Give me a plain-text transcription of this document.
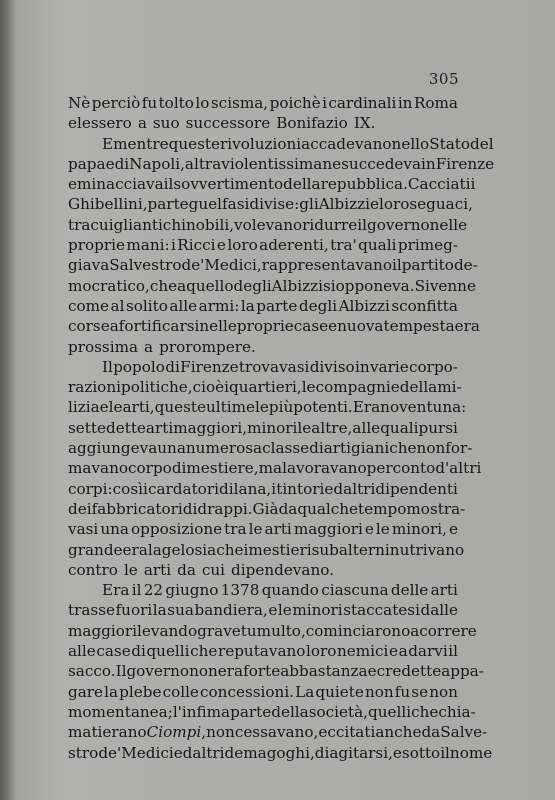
305
Nè perciò fu tolto lo scisma, poichè i cardinali in Roma
elessero a suo successore Bonifazio IX.
E mentre queste rivoluzioni accadevano nello Stato del
papa e di Napoli, altra violentissima ne succedeva in Firenze
e minacciava il sovvertimento della repubblica. Cacciati i
Ghibellini, parte guelfa si divise: gli Albizzi e loro seguaci,
tra cui gli antichi nobili, volevano ridurre il governo nelle
proprie mani: i Ricci e loro aderenti, tra' quali primeg-
giava Salvestro de' Medici, rappresentavano il partito de-
mocratico, che a quello degli Albizzi si opponeva. Si venne
come al solito alle armi: la parte degli Albizzi sconfitta
corse a fortificarsi nelle proprie case e nuova tempesta era
prossima a prorompere.
Il popolo di Firenze trovavasi diviso in varie corpo-
razioni politiche, cioè i quartieri, le compagnie della mi-
lizia e le arti, queste ultime le più potenti. Erano ventuna:
sette dette arti maggiori, minori le altre, alle quali pur si
aggiungeva una numerosa classe di artigiani che non for-
mavano corpo di mestiere, ma lavoravano per conto d'altri
corpi: così i cardatori di lana, i tintori ed altri dipendenti
dei fabbricatori di drappi. Già da qualche tempo mostra-
vasi una opposizione tra le arti maggiori e le minori, e
grande era la gelosia che i mestieri subalterni nutrivano
contro le arti da cui dipendevano.
Era il 22 giugno 1378 quando ciascuna delle arti
trasse fuori la sua bandiera, e le minori staccatesi dalle
maggiori levando grave tumulto, cominciarono a correre
alle case di quelli che reputavano loro nemici e a darvi il
sacco. Il governo non era forte abbastanza e credette appa-
gare la plebe colle concessioni. La quiete non fu se non
momentanea; l'infima parte della società, quelli che chia-
mati erano Ciompi, non cessavano, eccitati anche da Salve-
stro de' Medici ed altri demagoghi, di agitarsi, e sotto il nome
